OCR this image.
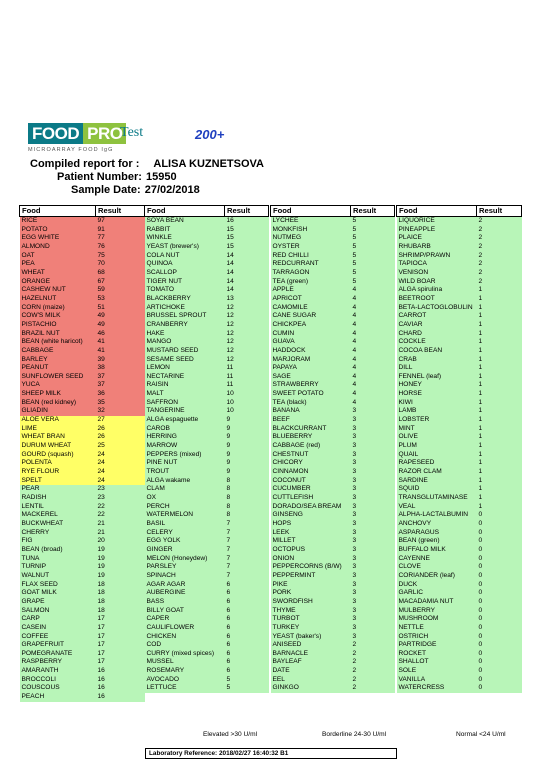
FOOD PRO
Test
MICROARRAY FOOD IgG
200+
Compiled report for : ALISA KUZNETSOVA
Patient Number: 15950
Sample Date: 27/02/2018
Food	Result
RICE	97
POTATO	91
EGG WHITE	77
ALMOND	76
OAT	75
PEA	70
WHEAT	68
ORANGE	67
CASHEW NUT	59
HAZELNUT	53
CORN (maize)	51
COW'S MILK	49
PISTACHIO	49
BRAZIL NUT	46
BEAN (white haricot)	41
CABBAGE	41
BARLEY	39
PEANUT	38
SUNFLOWER SEED	37
YUCA	37
SHEEP MILK	36
BEAN (red kidney)	35
GLIADIN	32
ALOE VERA	27
LIME	26
WHEAT BRAN	26
DURUM WHEAT	25
GOURD (squash)	24
POLENTA	24
RYE FLOUR	24
SPELT	24
PEAR	23
RADISH	23
LENTIL	22
MACKEREL	22
BUCKWHEAT	21
CHERRY	21
FIG	20
BEAN (broad)	19
TUNA	19
TURNIP	19
WALNUT	19
FLAX SEED	18
GOAT MILK	18
GRAPE	18
SALMON	18
CARP	17
CASEIN	17
COFFEE	17
GRAPEFRUIT	17
POMEGRANATE	17
RASPBERRY	17
AMARANTH	16
BROCCOLI	16
COUSCOUS	16
PEACH	16
Food	Result
SOYA BEAN	16
RABBIT	15
WINKLE	15
YEAST (brewer's)	15
COLA NUT	14
QUINOA	14
SCALLOP	14
TIGER NUT	14
TOMATO	14
BLACKBERRY	13
ARTICHOKE	12
BRUSSEL SPROUT	12
CRANBERRY	12
HAKE	12
MANGO	12
MUSTARD SEED	12
SESAME SEED	12
LEMON	11
NECTARINE	11
RAISIN	11
MALT	10
SAFFRON	10
TANGERINE	10
ALGA espaguette	9
CAROB	9
HERRING	9
MARROW	9
PEPPERS (mixed)	9
PINE NUT	9
TROUT	9
ALGA wakame	8
CLAM	8
OX	8
PERCH	8
WATERMELON	8
BASIL	7
CELERY	7
EGG YOLK	7
GINGER	7
MELON (Honeydew)	7
PARSLEY	7
SPINACH	7
AGAR AGAR	6
AUBERGINE	6
BASS	6
BILLY GOAT	6
CAPER	6
CAULIFLOWER	6
CHICKEN	6
COD	6
CURRY (mixed spices)	6
MUSSEL	6
ROSEMARY	6
AVOCADO	5
LETTUCE	5
Food	Result
LYCHEE	5
MONKFISH	5
NUTMEG	5
OYSTER	5
RED CHILLI	5
REDCURRANT	5
TARRAGON	5
TEA (green)	5
APPLE	4
APRICOT	4
CAMOMILE	4
CANE SUGAR	4
CHICKPEA	4
CUMIN	4
GUAVA	4
HADDOCK	4
MARJORAM	4
PAPAYA	4
SAGE	4
STRAWBERRY	4
SWEET POTATO	4
TEA (black)	4
BANANA	3
BEEF	3
BLACKCURRANT	3
BLUEBERRY	3
CABBAGE (red)	3
CHESTNUT	3
CHICORY	3
CINNAMON	3
COCONUT	3
CUCUMBER	3
CUTTLEFISH	3
DORADO/SEA BREAM	3
GINSENG	3
HOPS	3
LEEK	3
MILLET	3
OCTOPUS	3
ONION	3
PEPPERCORNS (B/W)	3
PEPPERMINT	3
PIKE	3
PORK	3
SWORDFISH	3
THYME	3
TURBOT	3
TURKEY	3
YEAST (baker's)	3
ANISEED	2
BARNACLE	2
BAYLEAF	2
DATE	2
EEL	2
GINKGO	2
Food	Result
LIQUORICE	2
PINEAPPLE	2
PLAICE	2
RHUBARB	2
SHRIMP/PRAWN	2
TAPIOCA	2
VENISON	2
WILD BOAR	2
ALGA spirulina	1
BEETROOT	1
BETA-LACTOGLOBULIN	1
CARROT	1
CAVIAR	1
CHARD	1
COCKLE	1
COCOA BEAN	1
CRAB	1
DILL	1
FENNEL (leaf)	1
HONEY	1
HORSE	1
KIWI	1
LAMB	1
LOBSTER	1
MINT	1
OLIVE	1
PLUM	1
QUAIL	1
RAPESEED	1
RAZOR CLAM	1
SARDINE	1
SQUID	1
TRANSGLUTAMINASE	1
VEAL	1
ALPHA-LACTALBUMIN	0
ANCHOVY	0
ASPARAGUS	0
BEAN (green)	0
BUFFALO MILK	0
CAYENNE	0
CLOVE	0
CORIANDER (leaf)	0
DUCK	0
GARLIC	0
MACADAMIA NUT	0
MULBERRY	0
MUSHROOM	0
NETTLE	0
OSTRICH	0
PARTRIDGE	0
ROCKET	0
SHALLOT	0
SOLE	0
VANILLA	0
WATERCRESS	0
Elevated >30 U/ml	Borderline 24-30 U/ml	Normal <24 U/ml
Laboratory Reference: 2018/02/27 16:40:32 B1
